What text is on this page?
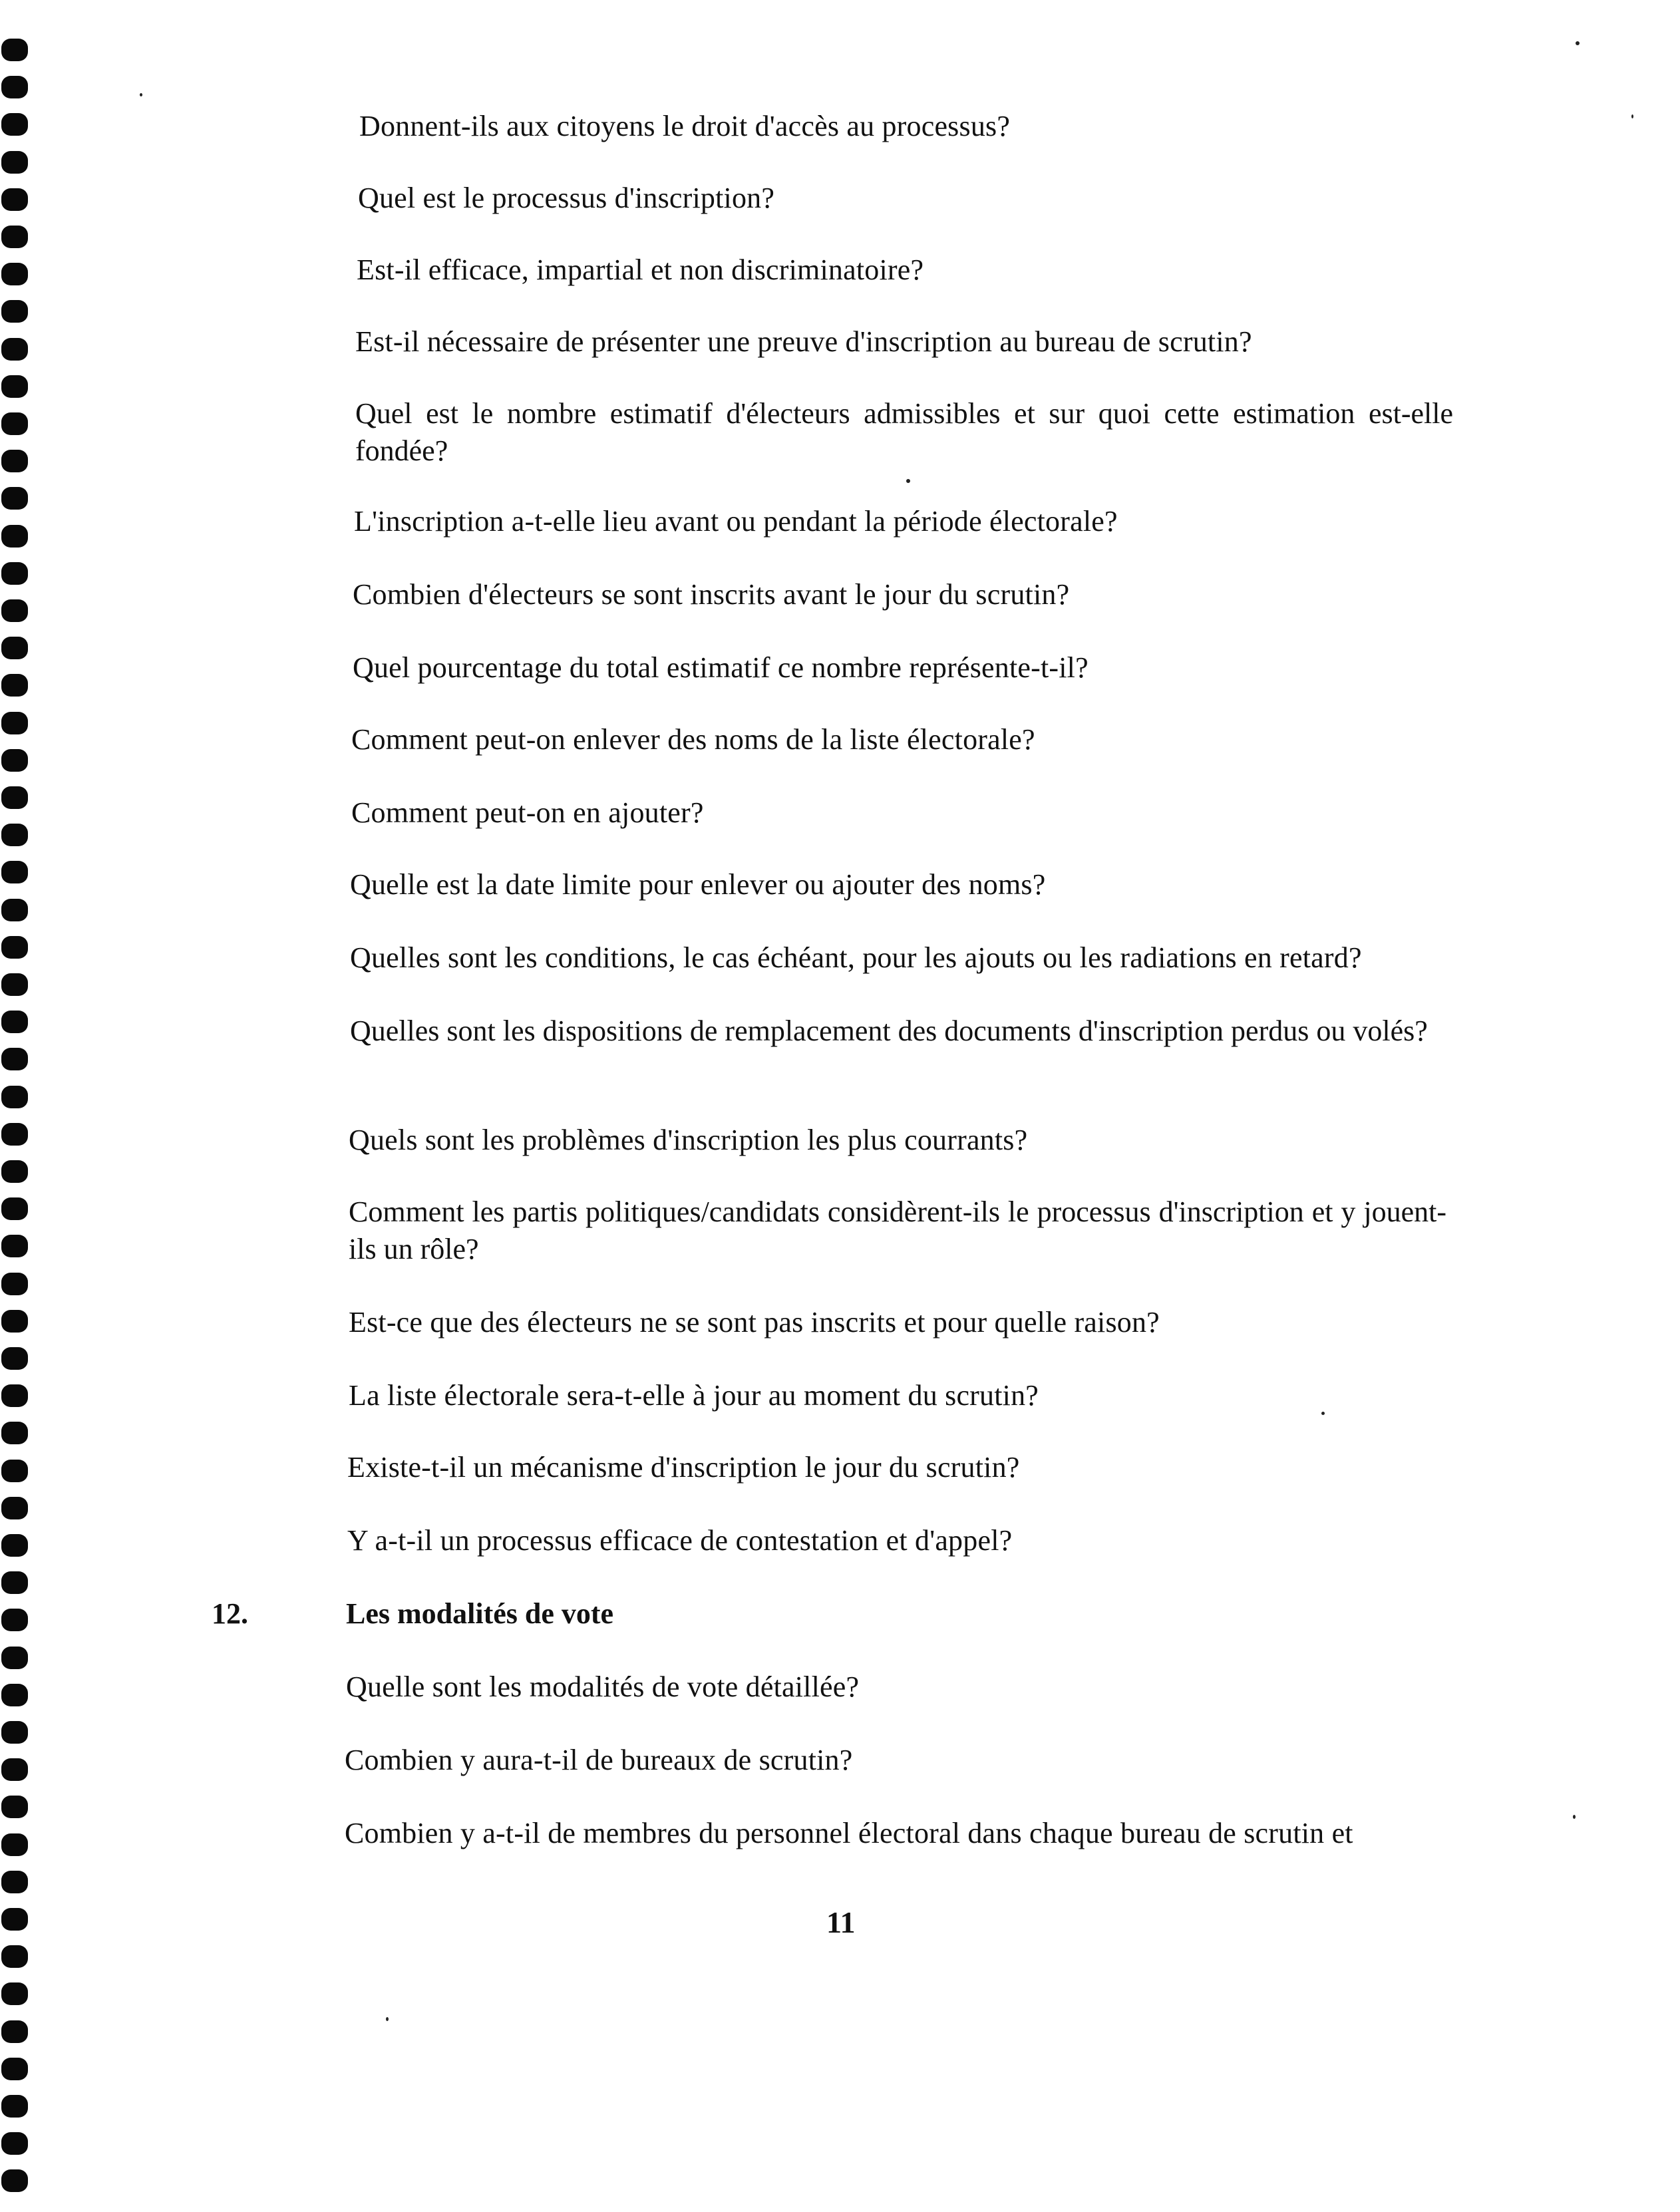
Donnent-ils aux citoyens le droit d'accès au processus?
Quel est le processus d'inscription?
Est-il efficace, impartial et non discriminatoire?
Est-il nécessaire de présenter une preuve d'inscription au bureau de scrutin?
Quel est le nombre estimatif d'électeurs admissibles et sur quoi cette estimation est-elle fondée?
L'inscription a-t-elle lieu avant ou pendant la période électorale?
Combien d'électeurs se sont inscrits avant le jour du scrutin?
Quel pourcentage du total estimatif ce nombre représente-t-il?
Comment peut-on enlever des noms de la liste électorale?
Comment peut-on en ajouter?
Quelle est la date limite pour enlever ou ajouter des noms?
Quelles sont les conditions, le cas échéant, pour les ajouts ou les radiations en retard?
Quelles sont les dispositions de remplacement des documents d'inscription perdus ou volés?
Quels sont les problèmes d'inscription les plus courrants?
Comment les partis politiques/candidats considèrent-ils le processus d'inscription et y jouent-ils un rôle?
Est-ce que des électeurs ne se sont pas inscrits et pour quelle raison?
La liste électorale sera-t-elle à jour au moment du scrutin?
Existe-t-il un mécanisme d'inscription le jour du scrutin?
Y a-t-il un processus efficace de contestation et d'appel?
12.	Les modalités de vote
Quelle sont les modalités de vote détaillée?
Combien y aura-t-il de bureaux de scrutin?
Combien y a-t-il de membres du personnel électoral dans chaque bureau de scrutin et
11
